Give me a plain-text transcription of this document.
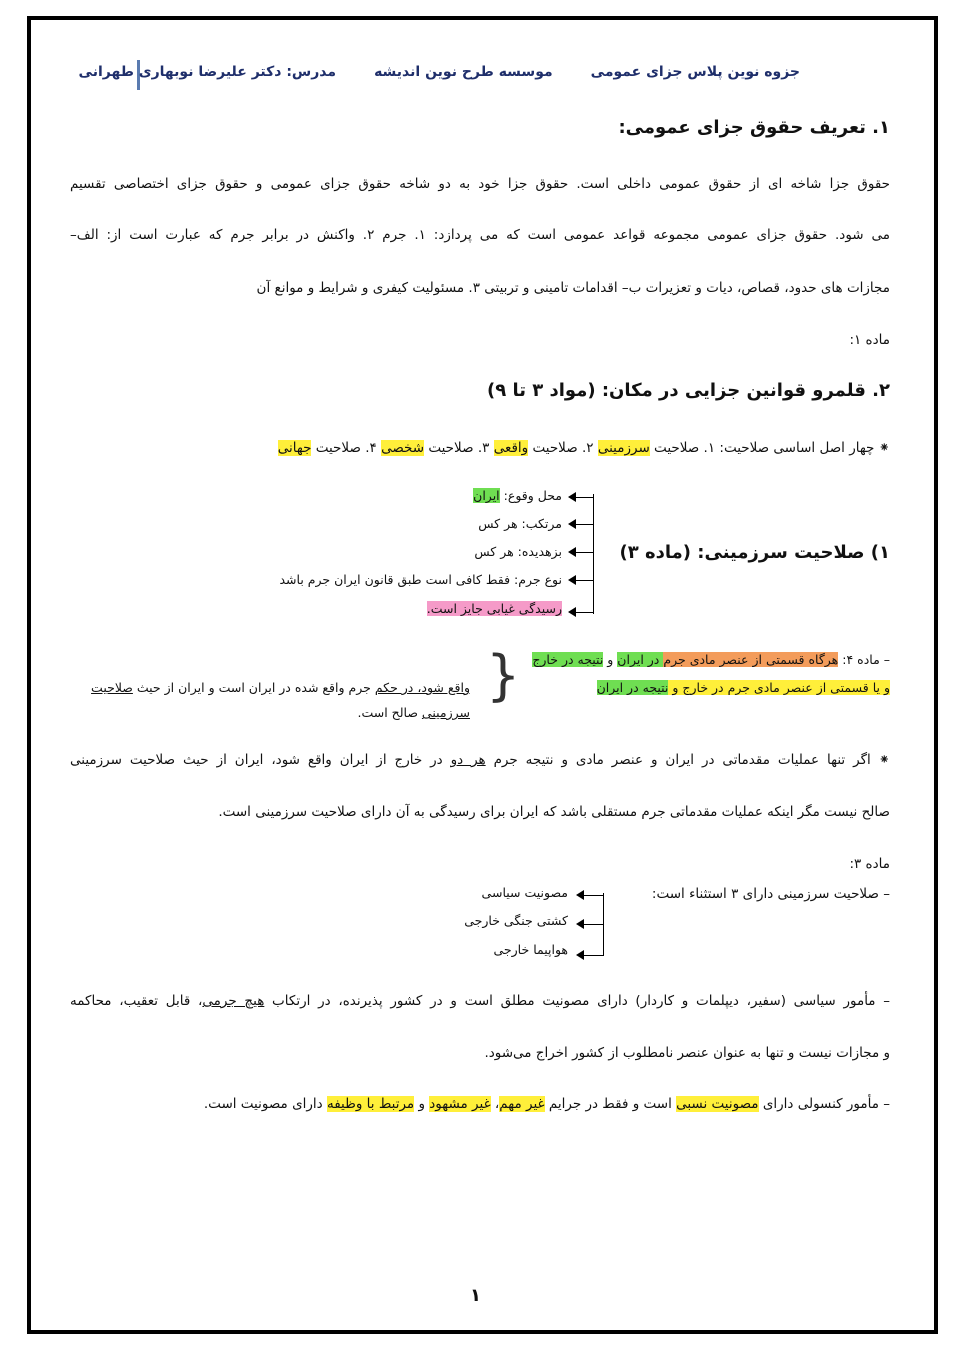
جزوه نوین پلاس جزای عمومی
موسسه طرح نوین اندیشه
مدرس: دکتر علیرضا نوبهاری طهرانی
۱. تعریف حقوق جزای عمومی:
حقوق جزا شاخه ای از حقوق عمومی داخلی است. حقوق جزا خود به دو شاخه حقوق جزای عمومی و حقوق جزای اختصاصی تقسیم
می شود. حقوق جزای عمومی مجموعه قواعد عمومی است که می پردازد: ۱. جرم ۲. واکنش در برابر جرم که عبارت است از: الف–
مجازات های حدود، قصاص، دیات و تعزیرات ب– اقدامات تامینی و تربیتی ۳. مسئولیت کیفری و شرایط و موانع آن
ماده ۱:
۲. قلمرو قوانین جزایی در مکان: (مواد ۳ تا ۹)
⁕ چهار اصل اساسی صلاحیت: ۱. صلاحیت سرزمینی ۲. صلاحیت واقعی ۳. صلاحیت شخصی ۴. صلاحیت جهانی
۱) صلاحیت سرزمینی: (ماده ۳)
محل وقوع: ایران
مرتکب: هر کس
بزهدیده: هر کس
نوع جرم: فقط کافی است طبق قانون ایران جرم باشد
رسیدگی غیابی جایز است.
– ماده ۴: هرگاه قسمتی از عنصر مادی جرم در ایران و نتیجه در خارج
و یا قسمتی از عنصر مادی جرم در خارج و نتیجه در ایران
{
واقع شود، در حکم جرم واقع شده در ایران است و ایران از حیث صلاحیت
سرزمینی صالح است.
⁕ اگر تنها عملیات مقدماتی در ایران و عنصر مادی و نتیجه جرم هر دو در خارج از ایران واقع شود، ایران از حیث صلاحیت سرزمینی
صالح نیست مگر اینکه عملیات مقدماتی جرم مستقلی باشد که ایران برای رسیدگی به آن دارای صلاحیت سرزمینی است.
ماده ۳:
– صلاحیت سرزمینی دارای ۳ استثناء است:
مصونیت سیاسی
کشتی جنگی خارجی
هواپیما خارجی
– مأمور سیاسی (سفیر، دیپلمات و کاردار) دارای مصونیت مطلق است و در کشور پذیرنده، در ارتکاب هیچ جرمی، قابل تعقیب، محاکمه
و مجازات نیست و تنها به عنوان عنصر نامطلوب از کشور اخراج می‌شود.
– مأمور کنسولی دارای مصونیت نسبی است و فقط در جرایم غیر مهم، غیر مشهود و مرتبط با وظیفه دارای مصونیت است.
۱
